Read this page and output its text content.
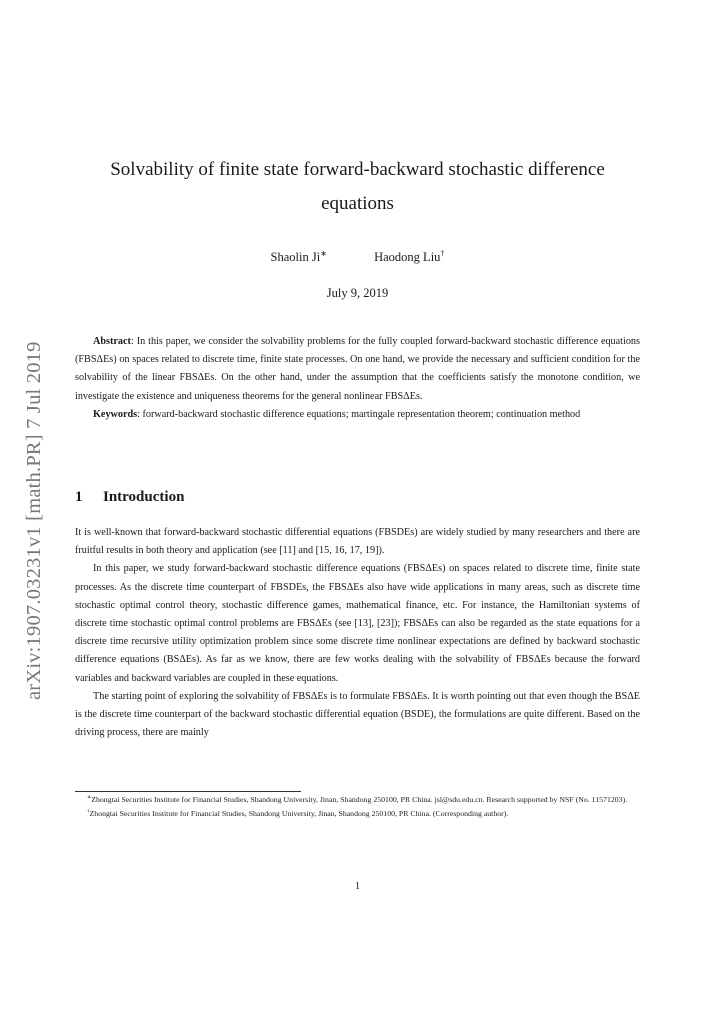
arXiv:1907.03231v1 [math.PR] 7 Jul 2019
Solvability of finite state forward-backward stochastic difference
equations
Shaolin Ji∗	Haodong Liu†
July 9, 2019

Abstract: In this paper, we consider the solvability problems for the fully coupled forward-backward stochastic difference equations (FBSΔEs) on spaces related to discrete time, finite state processes. On one hand, we provide the necessary and sufficient condition for the solvability of the linear FBSΔEs. On the other hand, under the assumption that the coefficients satisfy the monotone condition, we investigate the existence and uniqueness theorems for the general nonlinear FBSΔEs.

Keywords: forward-backward stochastic difference equations; martingale representation theorem; continuation method

1 Introduction

It is well-known that forward-backward stochastic differential equations (FBSDEs) are widely studied by many researchers and there are fruitful results in both theory and application (see [11] and [15, 16, 17, 19]).

In this paper, we study forward-backward stochastic difference equations (FBSΔEs) on spaces related to discrete time, finite state processes. As the discrete time counterpart of FBSDEs, the FBSΔEs also have wide applications in many areas, such as discrete time stochastic optimal control theory, stochastic difference games, mathematical finance, etc. For instance, the Hamiltonian systems of discrete time stochastic optimal control problems are FBSΔEs (see [13], [23]); FBSΔEs can also be regarded as the state equations for a discrete time recursive utility optimization problem since some discrete time nonlinear expectations are defined by backward stochastic difference equations (BSΔEs). As far as we know, there are few works dealing with the solvability of FBSΔEs because the forward variables and backward variables are coupled in these equations.

The starting point of exploring the solvability of FBSΔEs is to formulate FBSΔEs. It is worth pointing out that even though the BSΔE is the discrete time counterpart of the backward stochastic differential equation (BSDE), the formulations are quite different. Based on the driving process, there are mainly

∗Zhongtai Securities Institute for Financial Studies, Shandong University, Jinan, Shandong 250100, PR China. jsl@sdu.edu.cn. Research supported by NSF (No. 11571203).

†Zhongtai Securities Institute for Financial Studies, Shandong University, Jinan, Shandong 250100, PR China. (Corresponding author).

1
